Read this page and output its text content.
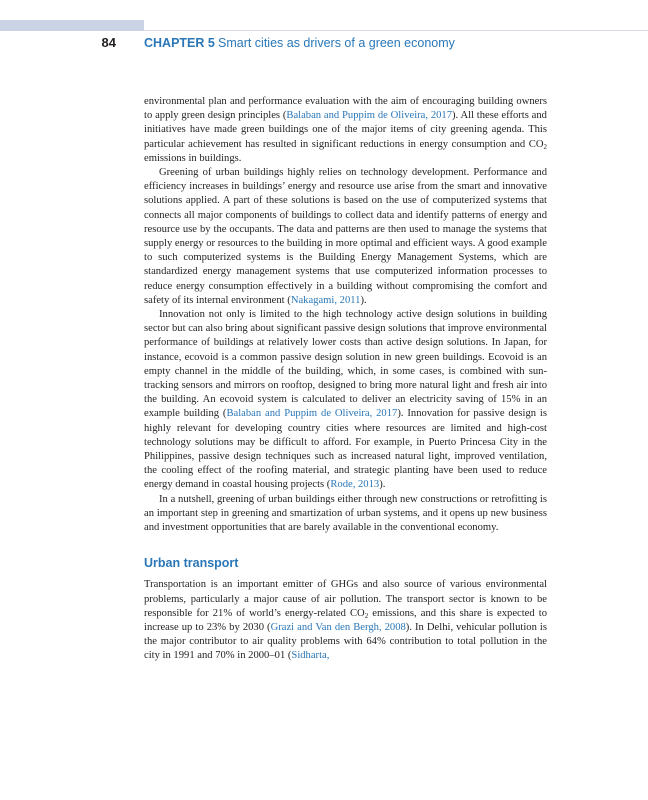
84 CHAPTER 5 Smart cities as drivers of a green economy

environmental plan and performance evaluation with the aim of encouraging building owners to apply green design principles (Balaban and Puppim de Oliveira, 2017). All these efforts and initiatives have made green buildings one of the major items of city greening agenda. This particular achievement has resulted in significant reductions in energy consumption and $CO_2$ emissions in buildings.

Greening of urban buildings highly relies on technology development. Performance and efficiency increases in buildings’ energy and resource use arise from the smart and innovative solutions applied. A part of these solutions is based on the use of computerized systems that connects all major components of buildings to collect data and identify patterns of energy and resource use by the occupants. The data and patterns are then used to manage the systems that supply energy or resources to the building in more optimal and efficient ways. A good example to such computerized systems is the Building Energy Management Systems, which are standardized energy management systems that use computerized information processes to reduce energy consumption effectively in a building without compromising the comfort and safety of its internal environment (Nakagami, 2011).

Innovation not only is limited to the high technology active design solutions in building sector but can also bring about significant passive design solutions that improve environmental performance of buildings at relatively lower costs than active design solutions. In Japan, for instance, ecovoid is a common passive design solution in new green buildings. Ecovoid is an empty channel in the middle of the building, which, in some cases, is combined with sun-tracking sensors and mirrors on rooftop, designed to bring more natural light and fresh air into the building. An ecovoid system is calculated to deliver an electricity saving of 15% in an example building (Balaban and Puppim de Oliveira, 2017). Innovation for passive design is highly relevant for developing country cities where resources are limited and high-cost technology solutions may be difficult to afford. For example, in Puerto Princesa City in the Philippines, passive design techniques such as increased natural light, improved ventilation, the cooling effect of the roofing material, and strategic planting have been used to reduce energy demand in coastal housing projects (Rode, 2013).

In a nutshell, greening of urban buildings either through new constructions or retrofitting is an important step in greening and smartization of urban systems, and it opens up new business and investment opportunities that are barely available in the conventional economy.

Urban transport

Transportation is an important emitter of GHGs and also source of various environmental problems, particularly a major cause of air pollution. The transport sector is known to be responsible for 21% of world’s energy-related $CO_2$ emissions, and this share is expected to increase up to 23% by 2030 (Grazi and Van den Bergh, 2008). In Delhi, vehicular pollution is the major contributor to air quality problems with 64% contribution to total pollution in the city in 1991 and 70% in 2000–01 (Sidharta,
